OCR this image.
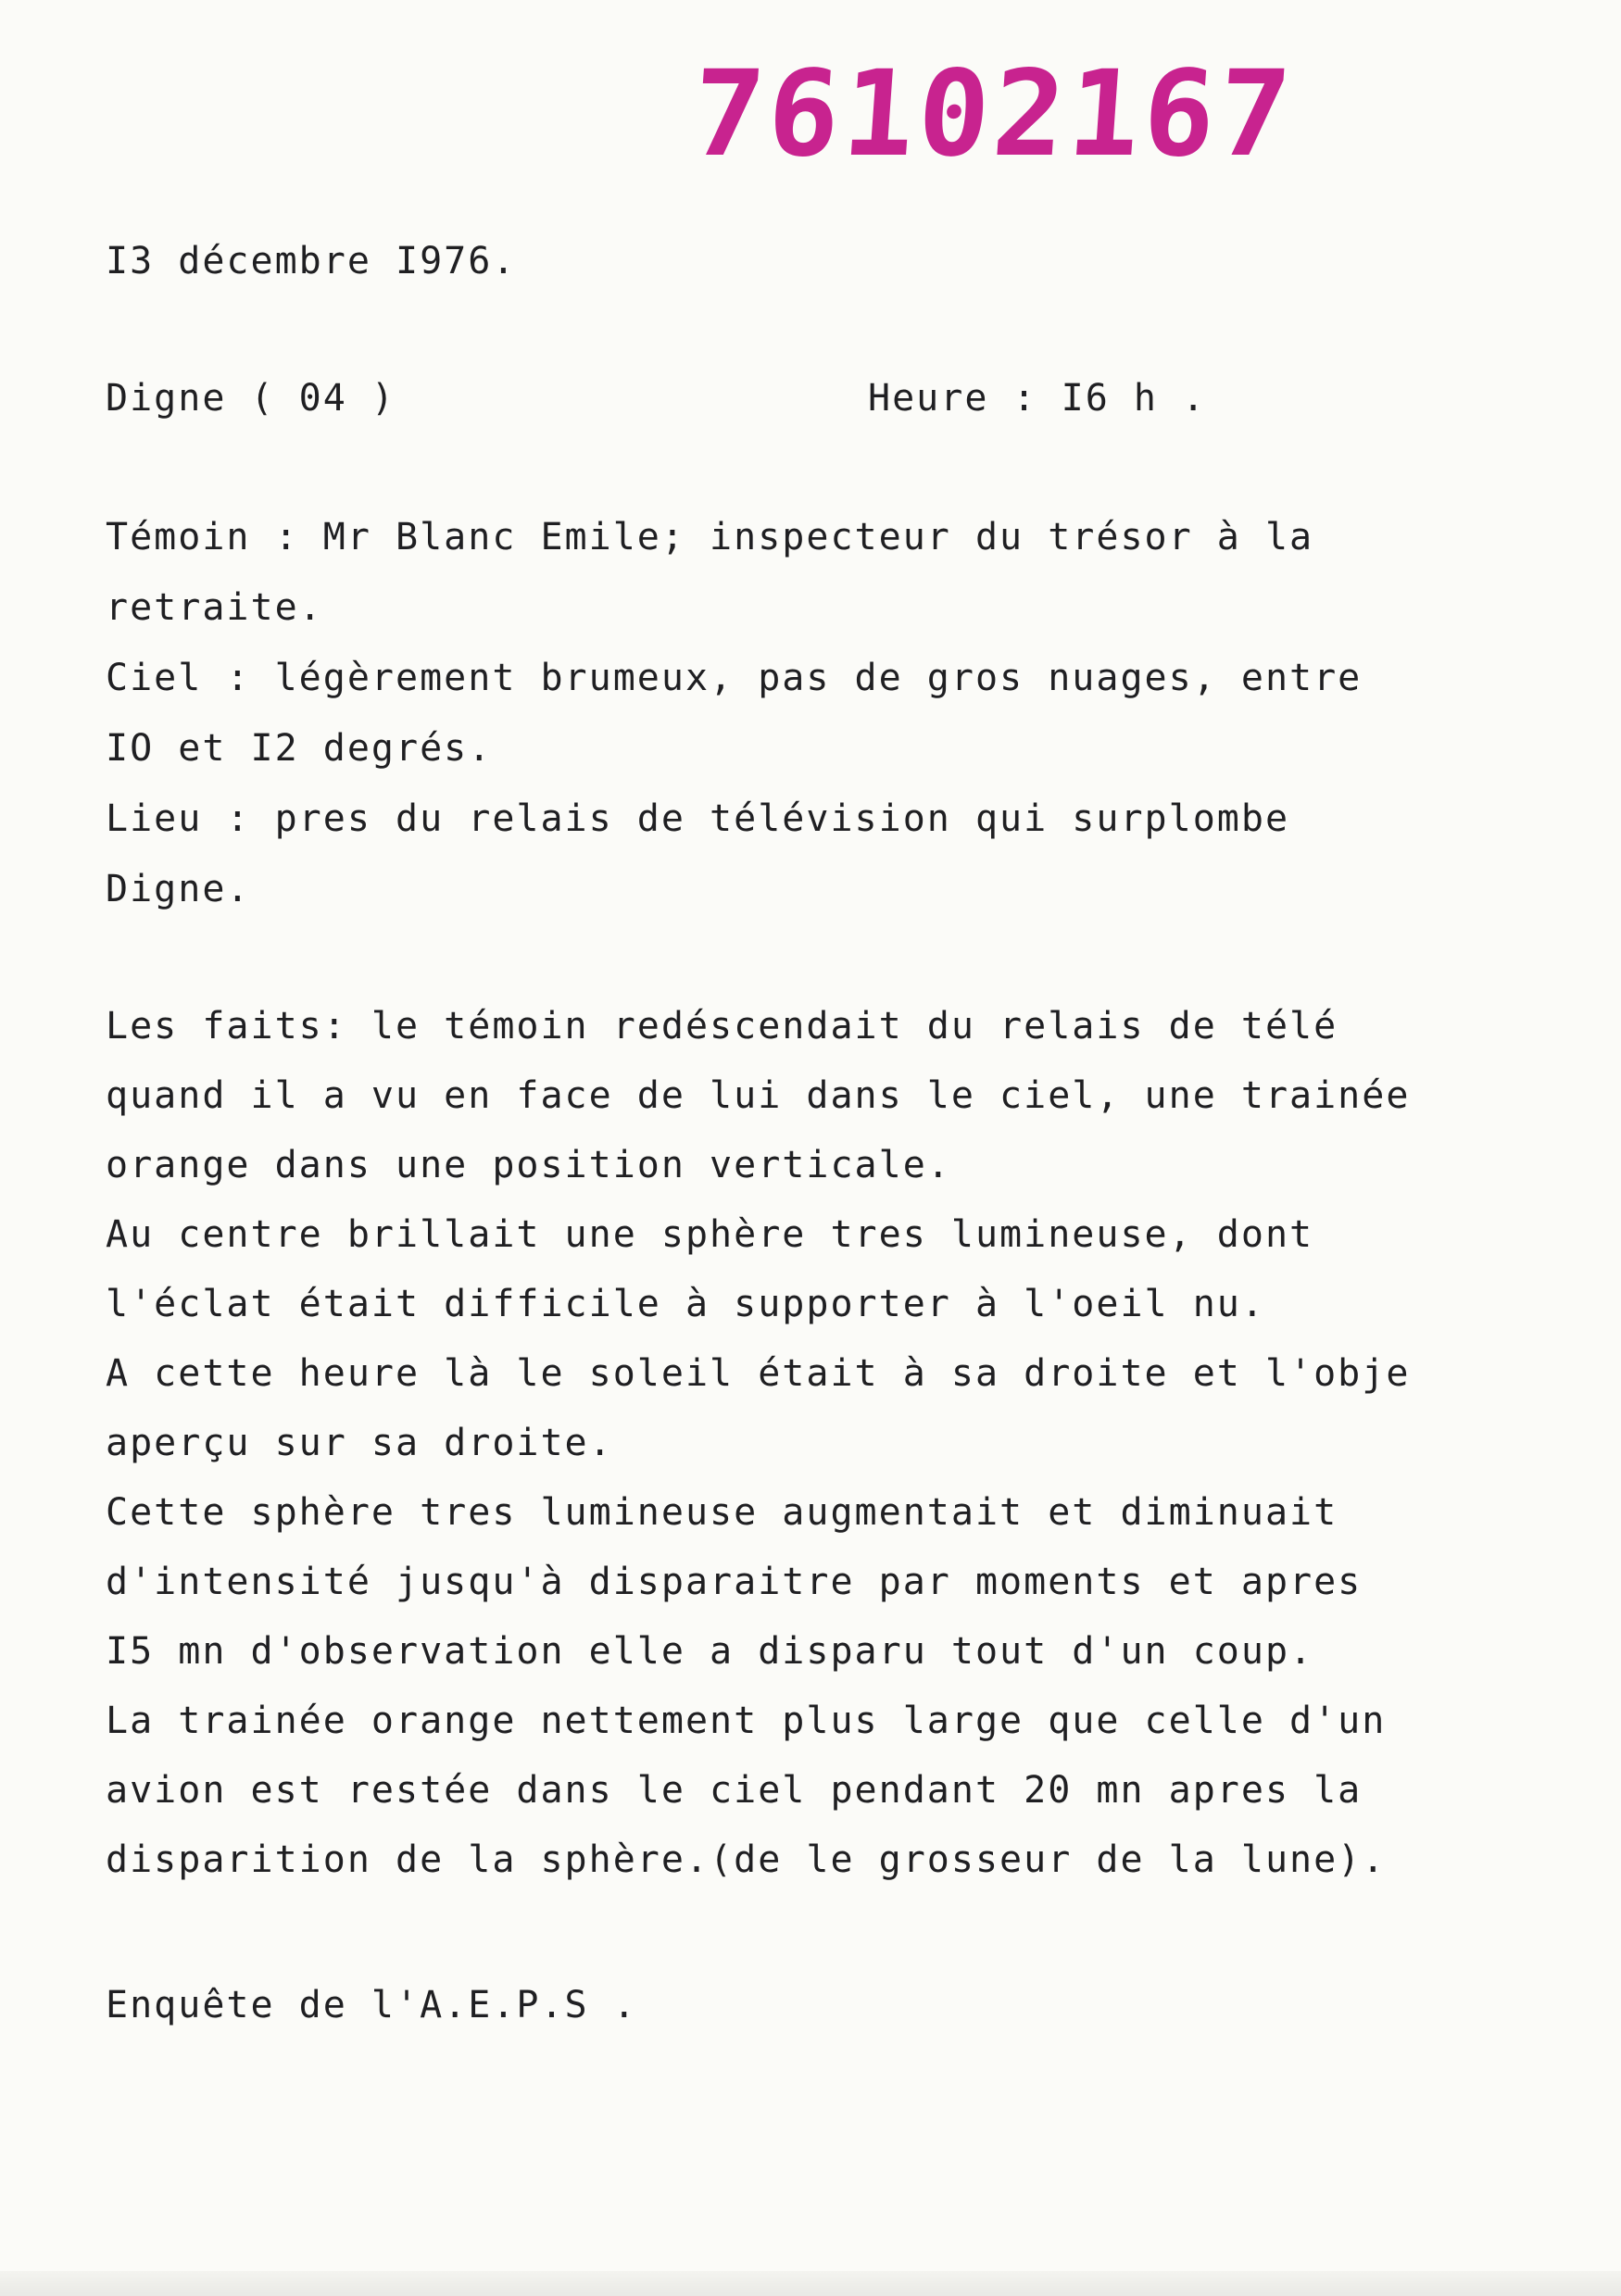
76102167
I3 décembre I976.
Digne ( 04 )	Heure : I6 h .
Témoin : Mr Blanc Emile; inspecteur du trésor à la
retraite.
Ciel : légèrement brumeux, pas de gros nuages, entre
IO et I2 degrés.
Lieu : pres du relais de télévision qui surplombe
Digne.
Les faits: le témoin redéscendait du relais de télé
quand il a vu en face de lui dans le ciel, une trainée
orange dans une position verticale.
Au centre brillait une sphère tres lumineuse, dont
l'éclat était difficile à supporter à l'oeil nu.
A cette heure là le soleil était à sa droite et l'obje
aperçu sur sa droite.
Cette sphère tres lumineuse augmentait et diminuait
d'intensité jusqu'à disparaitre par moments et apres
I5 mn d'observation elle a disparu tout d'un coup.
La trainée orange nettement plus large que celle d'un
avion est restée dans le ciel pendant 20 mn apres la
disparition de la sphère.(de le grosseur de la lune).
Enquête de l'A.E.P.S .
